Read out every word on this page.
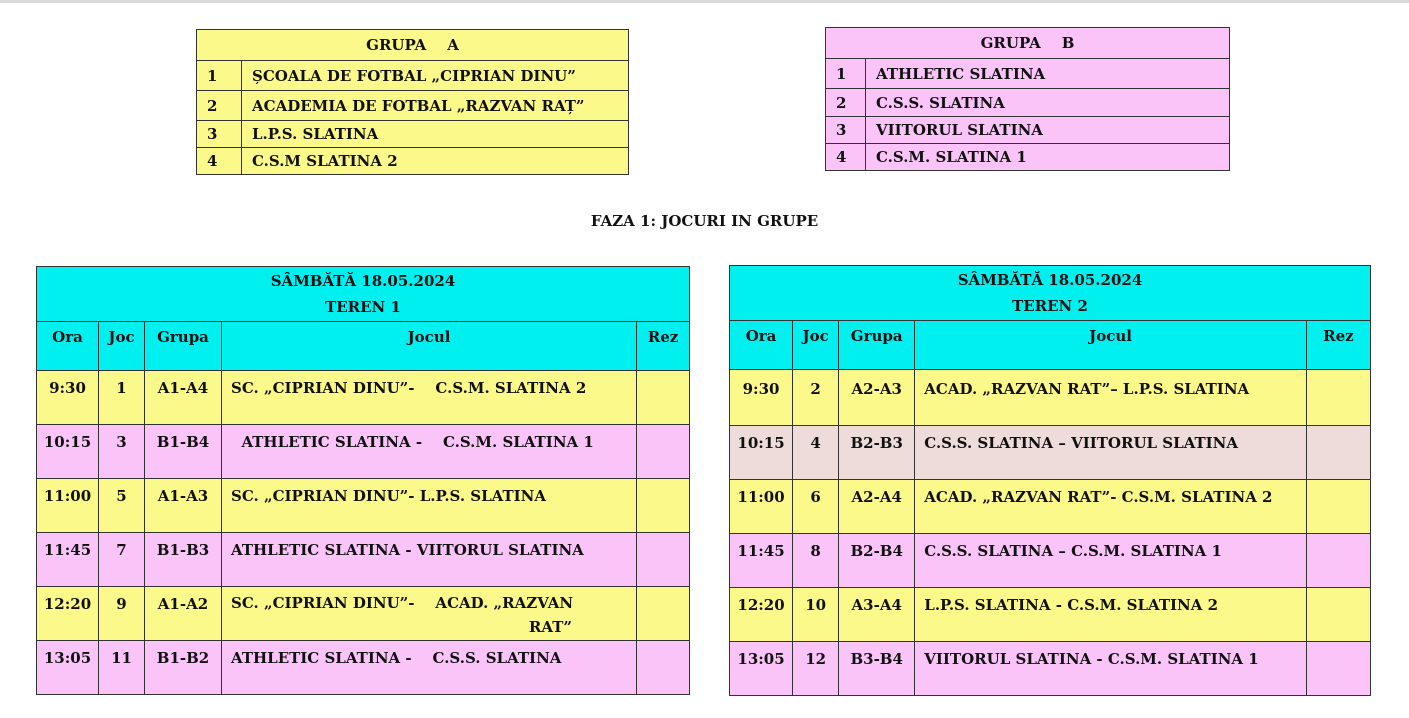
GRUPA    A	
1	ȘCOALA DE FOTBAL „CIPRIAN DINU”
2	ACADEMIA DE FOTBAL „RAZVAN RAȚ”
3	L.P.S. SLATINA
4	C.S.M SLATINA 2
GRUPA    B	
1	ATHLETIC SLATINA
2	C.S.S. SLATINA
3	VIITORUL SLATINA
4	C.S.M. SLATINA 1
FAZA 1: JOCURI IN GRUPE
SÂMBĂTĂ 18.05.2024
TEREN 1				
Ora	Joc	Grupa	Jocul	Rez
9:30	1	A1-A4	SC. „CIPRIAN DINU”-    C.S.M. SLATINA 2	
10:15	3	B1-B4	ATHLETIC SLATINA -    C.S.M. SLATINA 1	
11:00	5	A1-A3	SC. „CIPRIAN DINU”- L.P.S. SLATINA	
11:45	7	B1-B3	ATHLETIC SLATINA - VIITORUL SLATINA	
12:20	9	A1-A2	SC. „CIPRIAN DINU”-    ACAD. „RAZVAN
RAT”	

13:05	11	B1-B2	ATHLETIC SLATINA -    C.S.S. SLATINA	
SÂMBĂTĂ 18.05.2024
TEREN 2				
Ora	Joc	Grupa	Jocul	Rez
9:30	2	A2-A3	ACAD. „RAZVAN RAT”– L.P.S. SLATINA	
10:15	4	B2-B3	C.S.S. SLATINA – VIITORUL SLATINA	
11:00	6	A2-A4	ACAD. „RAZVAN RAT”- C.S.M. SLATINA 2	
11:45	8	B2-B4	C.S.S. SLATINA – C.S.M. SLATINA 1	
12:20	10	A3-A4	L.P.S. SLATINA - C.S.M. SLATINA 2	
13:05	12	B3-B4	VIITORUL SLATINA - C.S.M. SLATINA 1	
